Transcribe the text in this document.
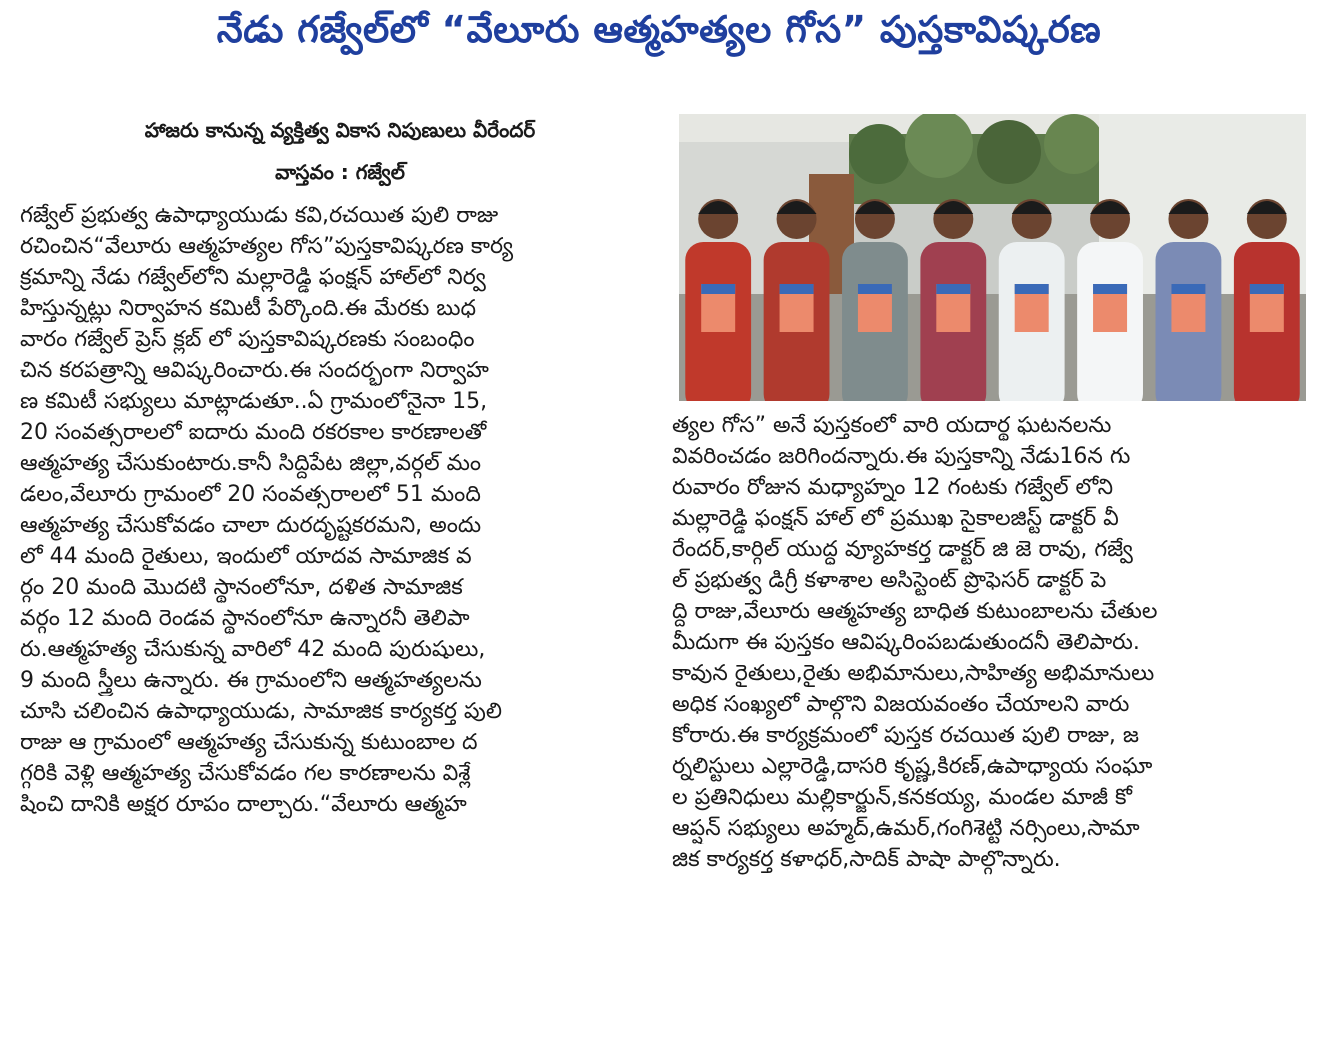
నేడు గజ్వేల్‌లో “వేలూరు ఆత్మహత్యల గోస” పుస్తకావిష్కరణ
హాజరు కానున్న వ్యక్తిత్వ వికాస నిపుణులు వీరేందర్
వాస్తవం : గజ్వేల్
గజ్వేల్ ప్రభుత్వ ఉపాధ్యాయుడు కవి,రచయిత పులి రాజు
రచించిన“వేలూరు ఆత్మహత్యల గోస”పుస్తకావిష్కరణ కార్య
క్రమాన్ని నేడు గజ్వేల్‌లోని మల్లారెడ్డి ఫంక్షన్ హాల్‌లో నిర్వ
హిస్తున్నట్లు నిర్వాహన కమిటీ పేర్కొంది.ఈ మేరకు బుధ
వారం గజ్వేల్ ప్రెస్ క్లబ్ లో పుస్తకావిష్కరణకు సంబంధిం
చిన కరపత్రాన్ని ఆవిష్కరించారు.ఈ సందర్భంగా నిర్వాహ
ణ కమిటీ సభ్యులు మాట్లాడుతూ..ఏ గ్రామంలోనైనా 15,
20 సంవత్సరాలలో ఐదారు మంది రకరకాల కారణాలతో
ఆత్మహత్య చేసుకుంటారు.కానీ సిద్దిపేట జిల్లా,వర్గల్ మం
డలం,వేలూరు గ్రామంలో 20 సంవత్సరాలలో 51 మంది
ఆత్మహత్య చేసుకోవడం చాలా దురదృష్టకరమని, అందు
లో 44 మంది రైతులు, ఇందులో యాదవ సామాజిక వ
ర్గం 20 మంది మొదటి స్థానంలోనూ, దళిత సామాజిక
వర్గం 12 మంది రెండవ స్థానంలోనూ ఉన్నారనీ తెలిపా
రు.ఆత్మహత్య చేసుకున్న వారిలో 42 మంది పురుషులు,
9 మంది స్త్రీలు ఉన్నారు. ఈ గ్రామంలోని ఆత్మహత్యలను
చూసి చలించిన ఉపాధ్యాయుడు, సామాజిక కార్యకర్త పులి
రాజు ఆ గ్రామంలో ఆత్మహత్య చేసుకున్న కుటుంబాల ద
గ్గరికి వెళ్లి ఆత్మహత్య చేసుకోవడం గల కారణాలను విశ్లే
షించి దానికి అక్షర రూపం దాల్చారు.“వేలూరు ఆత్మహ
త్యల గోస” అనే పుస్తకంలో వారి యదార్థ ఘటనలను
వివరించడం జరిగిందన్నారు.ఈ పుస్తకాన్ని నేడు16న గు
రువారం రోజున మధ్యాహ్నం 12 గంటకు గజ్వేల్ లోని
మల్లారెడ్డి ఫంక్షన్ హాల్ లో ప్రముఖ సైకాలజిస్ట్ డాక్టర్ వీ
రేందర్,కార్గిల్ యుద్ధ వ్యూహకర్త డాక్టర్ జి జె రావు, గజ్వే
ల్ ప్రభుత్వ డిగ్రీ కళాశాల అసిస్టెంట్ ప్రొఫెసర్ డాక్టర్ పె
ద్ది రాజు,వేలూరు ఆత్మహత్య బాధిత కుటుంబాలను చేతుల
మీదుగా ఈ పుస్తకం ఆవిష్కరింపబడుతుందనీ తెలిపారు.
కావున రైతులు,రైతు అభిమానులు,సాహిత్య అభిమానులు
అధిక సంఖ్యలో పాల్గొని విజయవంతం చేయాలని వారు
కోరారు.ఈ కార్యక్రమంలో పుస్తక రచయిత పులి రాజు, జ
ర్నలిస్టులు ఎల్లారెడ్డి,దాసరి కృష్ణ,కిరణ్,ఉపాధ్యాయ సంఘా
ల ప్రతినిధులు మల్లికార్జున్,కనకయ్య, మండల మాజీ కో
ఆప్షన్ సభ్యులు అహ్మద్,ఉమర్,గంగిశెట్టి నర్సింలు,సామా
జిక కార్యకర్త కళాధర్,సాదిక్ పాషా పాల్గొన్నారు.
